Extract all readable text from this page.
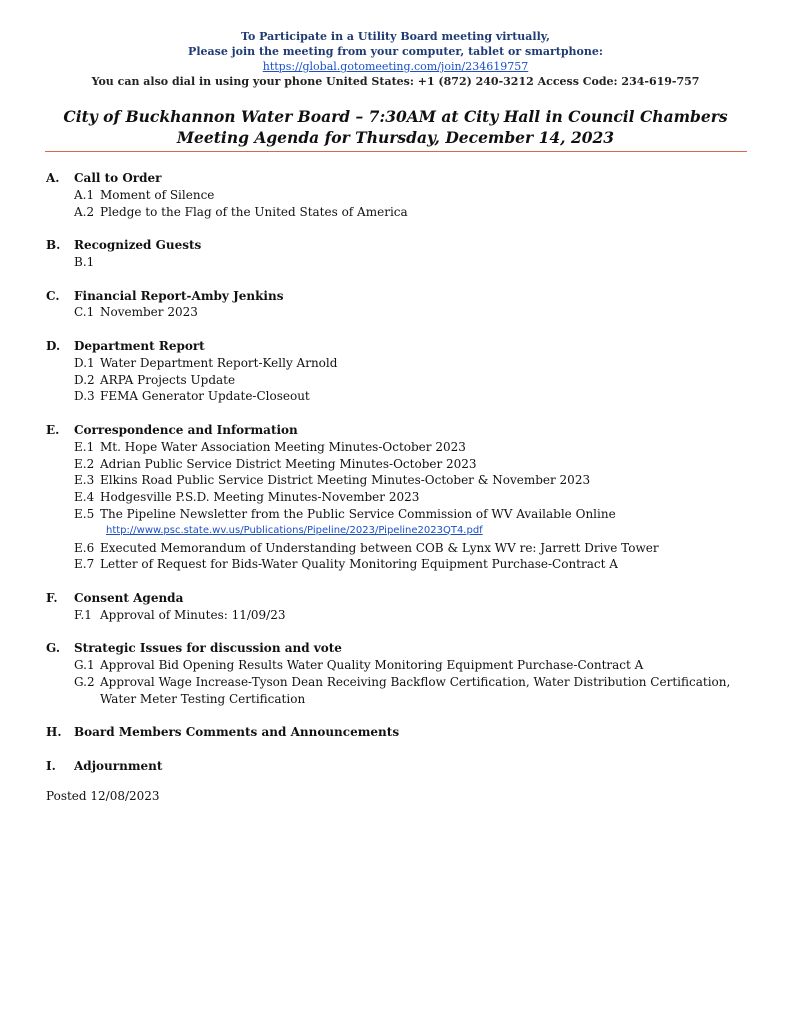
To Participate in a Utility Board meeting virtually,
Please join the meeting from your computer, tablet or smartphone:
https://global.gotomeeting.com/join/234619757
You can also dial in using your phone United States: +1 (872) 240-3212 Access Code: 234-619-757
City of Buckhannon Water Board – 7:30AM at City Hall in Council Chambers
Meeting Agenda for Thursday, December 14, 2023
A.	Call to Order
A.1 Moment of Silence
A.2 Pledge to the Flag of the United States of America
B.	Recognized Guests
B.1
C.	Financial Report-Amby Jenkins
C.1 November 2023
D.	Department Report
D.1 Water Department Report-Kelly Arnold
D.2 ARPA Projects Update
D.3 FEMA Generator Update-Closeout
E.	Correspondence and Information
E.1 Mt. Hope Water Association Meeting Minutes-October 2023
E.2 Adrian Public Service District Meeting Minutes-October 2023
E.3 Elkins Road Public Service District Meeting Minutes-October & November 2023
E.4 Hodgesville P.S.D. Meeting Minutes-November 2023
E.5 The Pipeline Newsletter from the Public Service Commission of WV Available Online
http://www.psc.state.wv.us/Publications/Pipeline/2023/Pipeline2023QT4.pdf
E.6 Executed Memorandum of Understanding between COB & Lynx WV re: Jarrett Drive Tower
E.7 Letter of Request for Bids-Water Quality Monitoring Equipment Purchase-Contract A
F.	Consent Agenda
F.1 Approval of Minutes: 11/09/23
G.	Strategic Issues for discussion and vote
G.1 Approval Bid Opening Results Water Quality Monitoring Equipment Purchase-Contract A
G.2 Approval Wage Increase-Tyson Dean Receiving Backflow Certification, Water Distribution Certification,
Water Meter Testing Certification
H.	Board Members Comments and Announcements
I.	Adjournment
Posted 12/08/2023
